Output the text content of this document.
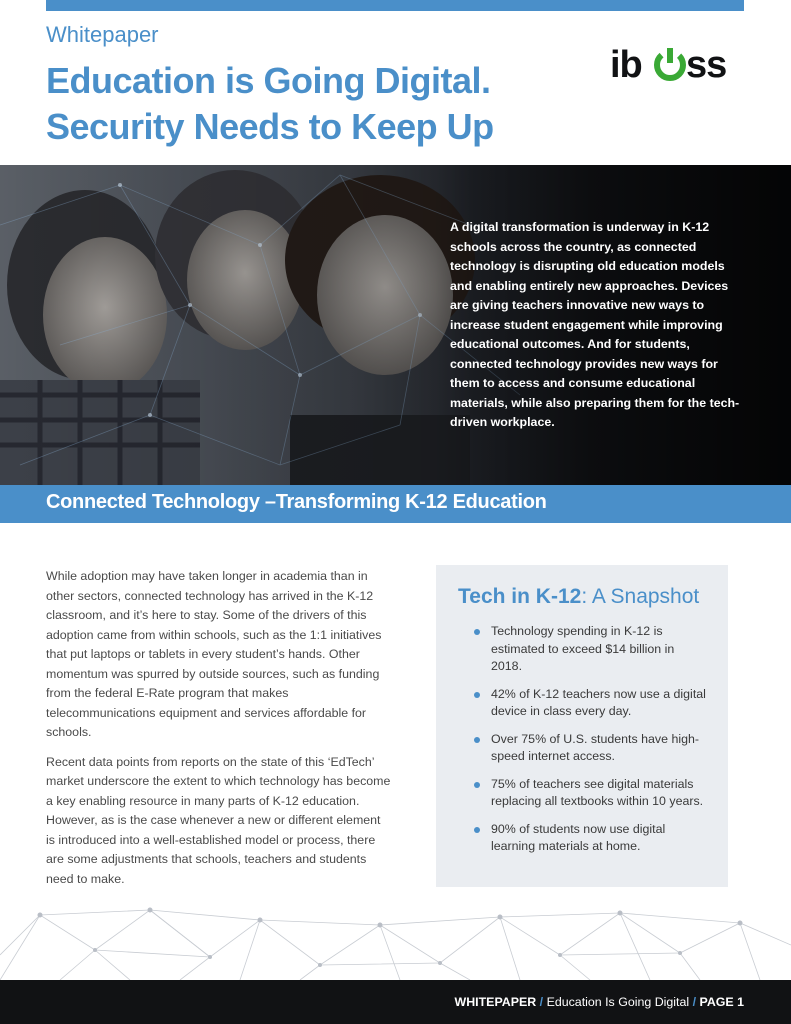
Whitepaper
Education is Going Digital.
Security Needs to Keep Up
ib ss
A digital transformation is underway in K-12 schools across the country, as connected technology is disrupting old education models and enabling entirely new approaches. Devices are giving teachers innovative new ways to increase student engagement while improving educational outcomes. And for students, connected technology provides new ways for them to access and consume educational materials, while also preparing them for the tech-driven workplace.
Connected Technology –Transforming K-12 Education

While adoption may have taken longer in academia than in other sectors, connected technology has arrived in the K-12 classroom, and it’s here to stay. Some of the drivers of this adoption came from within schools, such as the 1:1 initiatives that put laptops or tablets in every student’s hands. Other momentum was spurred by outside sources, such as funding from the federal E-Rate program that makes telecommunications equipment and services affordable for schools.

Recent data points from reports on the state of this ‘EdTech’ market underscore the extent to which technology has become a key enabling resource in many parts of K-12 education. However, as is the case whenever a new or different element is introduced into a well-established model or process, there are some adjustments that schools, teachers and students need to make.

Tech in K-12: A Snapshot
Technology spending in K-12 is estimated to exceed $14 billion in 2018.
42% of K-12 teachers now use a digital device in class every day.
Over 75% of U.S. students have high- speed internet access.
75% of teachers see digital materials replacing all textbooks within 10 years.
90% of students now use digital learning materials at home.
WHITEPAPER / Education Is Going Digital / PAGE 1
